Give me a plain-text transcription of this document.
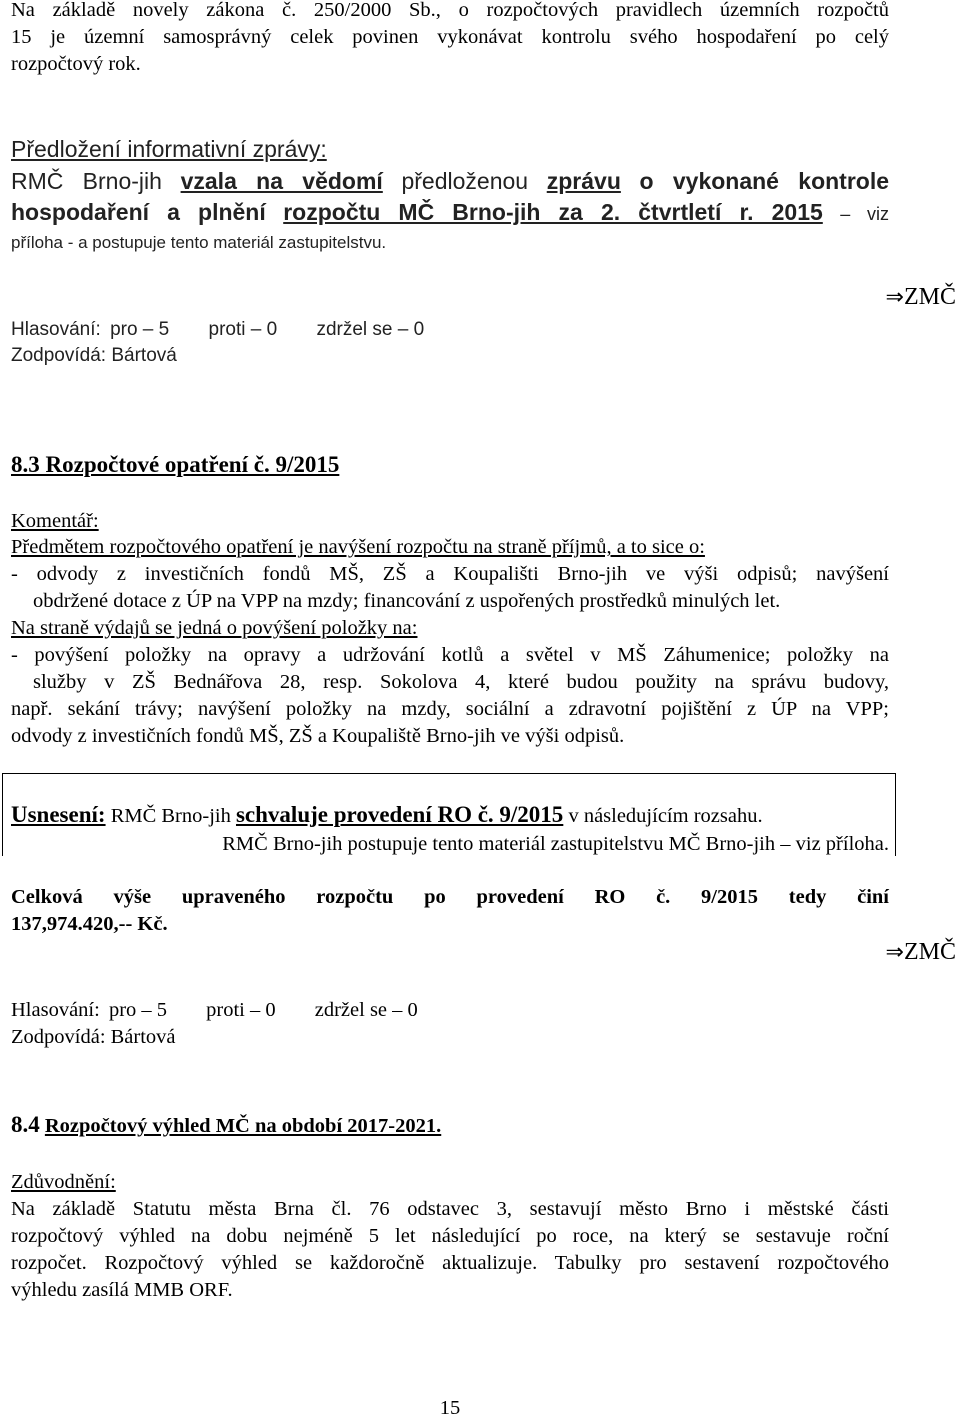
Na základě novely zákona č. 250/2000 Sb., o rozpočtových pravidlech územních rozpočtů
15 je územní samosprávný celek povinen vykonávat kontrolu svého hospodaření po celý
rozpočtový rok.
Předložení informativní zprávy:
RMČ Brno-jih vzala na vědomí předloženou zprávu o vykonané kontrole
hospodaření a plnění rozpočtu MČ Brno-jih za 2. čtvrtletí r. 2015 – viz
příloha - a postupuje tento materiál zastupitelstvu.
⇒ZMČ
Hlasování: pro – 5 proti – 0 zdržel se – 0
Zodpovídá: Bártová
8.3 Rozpočtové opatření č. 9/2015
Komentář:
Předmětem rozpočtového opatření je navýšení rozpočtu na straně příjmů, a to sice o:
- odvody z investičních fondů MŠ, ZŠ a Koupališti Brno-jih ve výši odpisů; navýšení
obdržené dotace z ÚP na VPP na mzdy; financování z uspořených prostředků minulých let.
Na straně výdajů se jedná o povýšení položky na:
- povýšení položky na opravy a udržování kotlů a světel v MŠ Záhumenice; položky na
služby v ZŠ Bednářova 28, resp. Sokolova 4, které budou použity na správu budovy,
např. sekání trávy; navýšení položky na mzdy, sociální a zdravotní pojištění z ÚP na VPP;
odvody z investičních fondů MŠ, ZŠ a Koupaliště Brno-jih ve výši odpisů.
Usnesení: RMČ Brno-jih schvaluje provedení RO č. 9/2015 v následujícím rozsahu.
RMČ Brno-jih postupuje tento materiál zastupitelstvu MČ Brno-jih – viz příloha.
Celková výše upraveného rozpočtu po provedení RO č. 9/2015 tedy činí
137,974.420,-- Kč.
⇒ZMČ
Hlasování: pro – 5 proti – 0 zdržel se – 0
Zodpovídá: Bártová
8.4 Rozpočtový výhled MČ na období 2017-2021.
Zdůvodnění:
Na základě Statutu města Brna čl. 76 odstavec 3, sestavují město Brno i městské části
rozpočtový výhled na dobu nejméně 5 let následující po roce, na který se sestavuje roční
rozpočet. Rozpočtový výhled se každoročně aktualizuje. Tabulky pro sestavení rozpočtového
výhledu zasílá MMB ORF.
15
